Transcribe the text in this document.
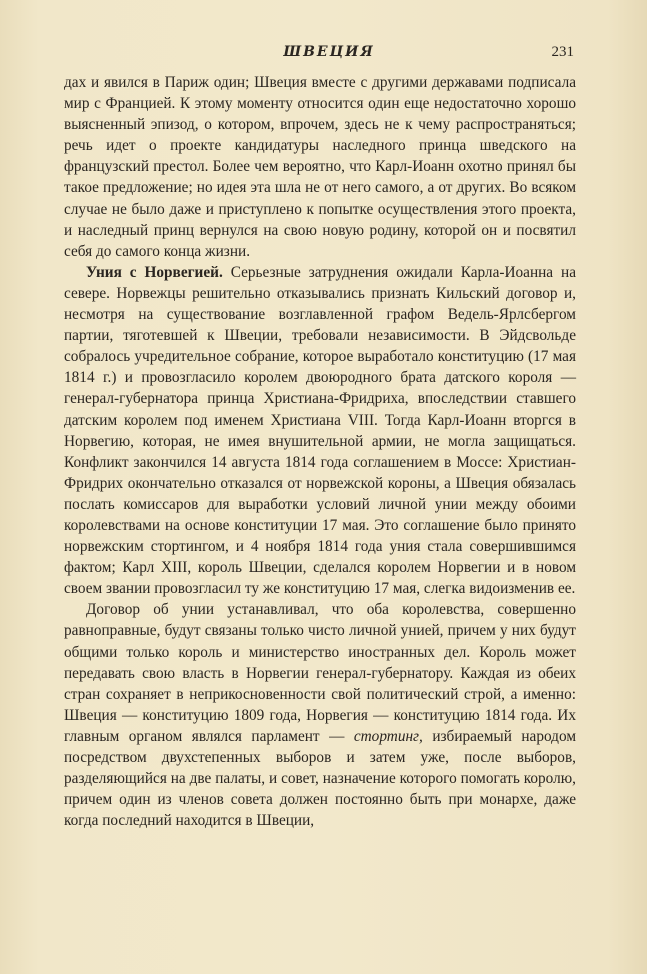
ШВЕЦИЯ	231

дах и явился в Париж один; Швеция вместе с другими державами подписала мир с Францией. К этому моменту относится один еще недостаточно хорошо выясненный эпизод, о котором, впрочем, здесь не к чему распространяться; речь идет о проекте кандидатуры наследного принца шведского на французский престол. Более чем вероятно, что Карл-Иоанн охотно принял бы такое предложение; но идея эта шла не от него самого, а от других. Во всяком случае не было даже и приступлено к попытке осуществления этого проекта, и наследный принц вернулся на свою новую родину, которой он и посвятил себя до самого конца жизни.

Уния с Норвегией. Серьезные затруднения ожидали Карла-Иоанна на севере. Норвежцы решительно отказывались признать Кильский договор и, несмотря на существование возглавленной графом Ведель-Ярлсбергом партии, тяготевшей к Швеции, требовали независимости. В Эйдсвольде собралось учредительное собрание, которое выработало конституцию (17 мая 1814 г.) и провозгласило королем двоюродного брата датского короля — генерал-губернатора принца Христиана-Фридриха, впоследствии ставшего датским королем под именем Христиана VIII. Тогда Карл-Иоанн вторгся в Норвегию, которая, не имея внушительной армии, не могла защищаться. Конфликт закончился 14 августа 1814 года соглашением в Моссе: Христиан-Фридрих окончательно отказался от норвежской короны, а Швеция обязалась послать комиссаров для выработки условий личной унии между обоими королевствами на основе конституции 17 мая. Это соглашение было принято норвежским стортингом, и 4 ноября 1814 года уния стала совершившимся фактом; Карл XIII, король Швеции, сделался королем Норвегии и в новом своем звании провозгласил ту же конституцию 17 мая, слегка видоизменив ее.

Договор об унии устанавливал, что оба королевства, совершенно равноправные, будут связаны только чисто личной унией, причем у них будут общими только король и министерство иностранных дел. Король может передавать свою власть в Норвегии генерал-губернатору. Каждая из обеих стран сохраняет в неприкосновенности свой политический строй, а именно: Швеция — конституцию 1809 года, Норвегия — конституцию 1814 года. Их главным органом являлся парламент — стортинг, избираемый народом посредством двухстепенных выборов и затем уже, после выборов, разделяющийся на две палаты, и совет, назначение которого помогать королю, причем один из членов совета должен постоянно быть при монархе, даже когда последний находится в Швеции,
